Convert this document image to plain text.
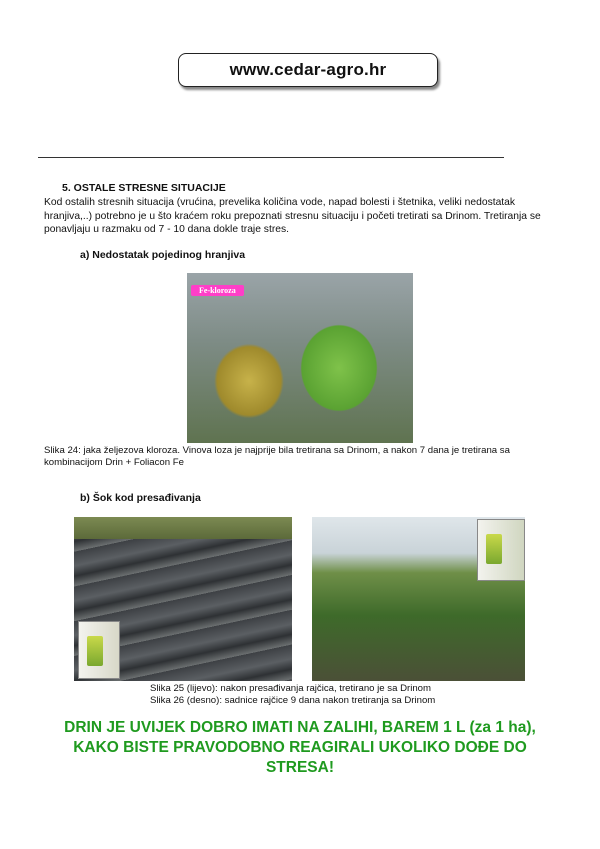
www.cedar-agro.hr
5. OSTALE STRESNE SITUACIJE
Kod ostalih stresnih situacija (vrućina, prevelika količina vode, napad bolesti i štetnika, veliki nedostatak hranjiva,..) potrebno je u što kraćem roku prepoznati stresnu situaciju i početi tretirati sa Drinom. Tretiranja se ponavljaju u razmaku od 7 - 10 dana dokle traje stres.
a) Nedostatak pojedinog hranjiva
Fe-kloroza
Slika 24: jaka željezova kloroza. Vinova loza je najprije bila tretirana sa Drinom, a nakon 7 dana je tretirana sa kombinacijom Drin + Foliacon Fe
b) Šok kod presađivanja
Slika 25 (lijevo): nakon presađivanja rajčica, tretirano je sa Drinom
Slika 26 (desno): sadnice rajčice 9 dana nakon tretiranja sa Drinom
DRIN JE UVIJEK DOBRO IMATI NA ZALIHI, BAREM 1 L (za 1 ha), KAKO BISTE PRAVODOBNO REAGIRALI UKOLIKO DOĐE DO STRESA!
